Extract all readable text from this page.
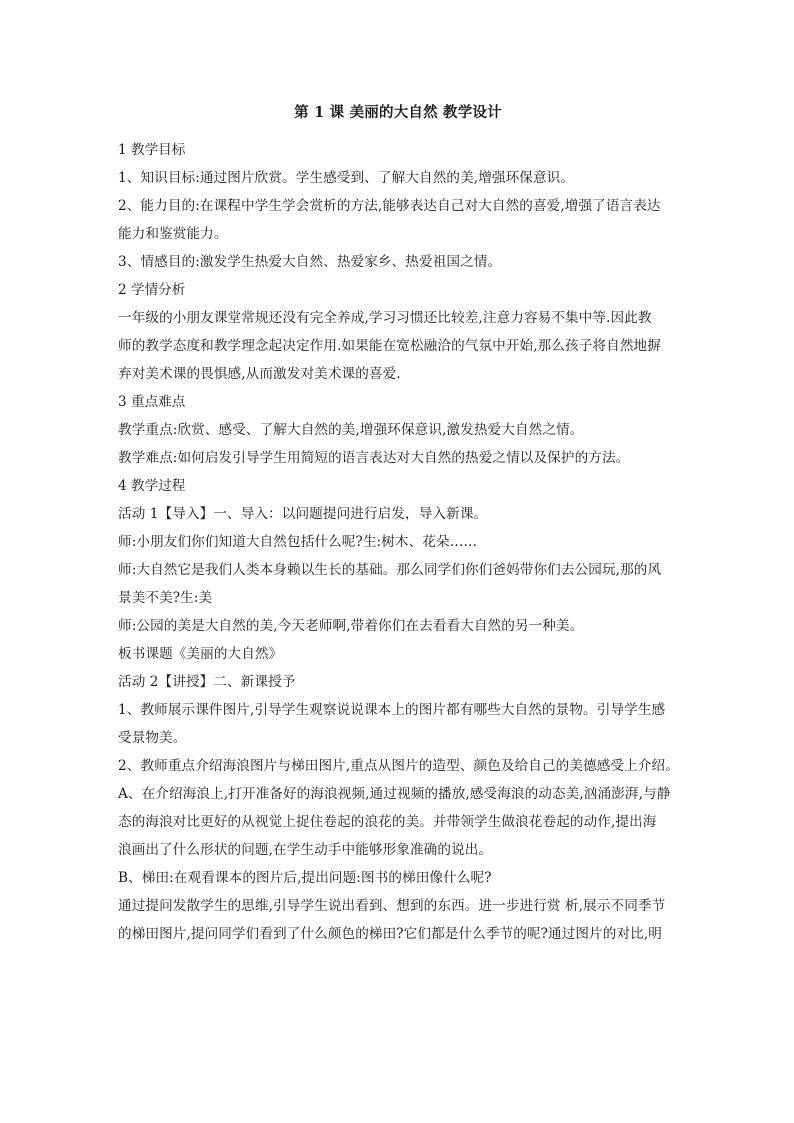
第 1 课 美丽的大自然 教学设计
1 教学目标
1、知识目标:通过图片欣赏。学生感受到、了解大自然的美,增强环保意识。
2、能力目的:在课程中学生学会赏析的方法,能够表达自己对大自然的喜爱,增强了语言表达
能力和鉴赏能力。
3、情感目的:激发学生热爱大自然、热爱家乡、热爱祖国之情。
2 学情分析
一年级的小朋友课堂常规还没有完全养成,学习习惯还比较差,注意力容易不集中等.因此教
师的教学态度和教学理念起决定作用.如果能在宽松融洽的气氛中开始,那么孩子将自然地摒
弃对美术课的畏惧感,从而激发对美术课的喜爱.
3 重点难点
教学重点:欣赏、感受、了解大自然的美,增强环保意识,激发热爱大自然之情。
教学难点:如何启发引导学生用简短的语言表达对大自然的热爱之情以及保护的方法。
4 教学过程
活动 1【导入】一、导入：以问题提问进行启发，导入新课。
师:小朋友们你们知道大自然包括什么呢?生:树木、花朵……
师:大自然它是我们人类本身赖以生长的基础。那么同学们你们爸妈带你们去公园玩,那的风
景美不美?生:美
师:公园的美是大自然的美,今天老师啊,带着你们在去看看大自然的另一种美。
板书课题《美丽的大自然》
活动 2【讲授】二、新课授予
1、教师展示课件图片,引导学生观察说说课本上的图片都有哪些大自然的景物。引导学生感
受景物美。
2、教师重点介绍海浪图片与梯田图片,重点从图片的造型、颜色及给自己的美德感受上介绍。
A、在介绍海浪上,打开准备好的海浪视频,通过视频的播放,感受海浪的动态美,汹涌澎湃,与静
态的海浪对比更好的从视觉上捉住卷起的浪花的美。并带领学生做浪花卷起的动作,提出海
浪画出了什么形状的问题,在学生动手中能够形象准确的说出。
B、梯田:在观看课本的图片后,提出问题:图书的梯田像什么呢?
通过提问发散学生的思维,引导学生说出看到、想到的东西。进一步进行赏 析,展示不同季节
的梯田图片,提问同学们看到了什么颜色的梯田?它们都是什么季节的呢?通过图片的对比,明
